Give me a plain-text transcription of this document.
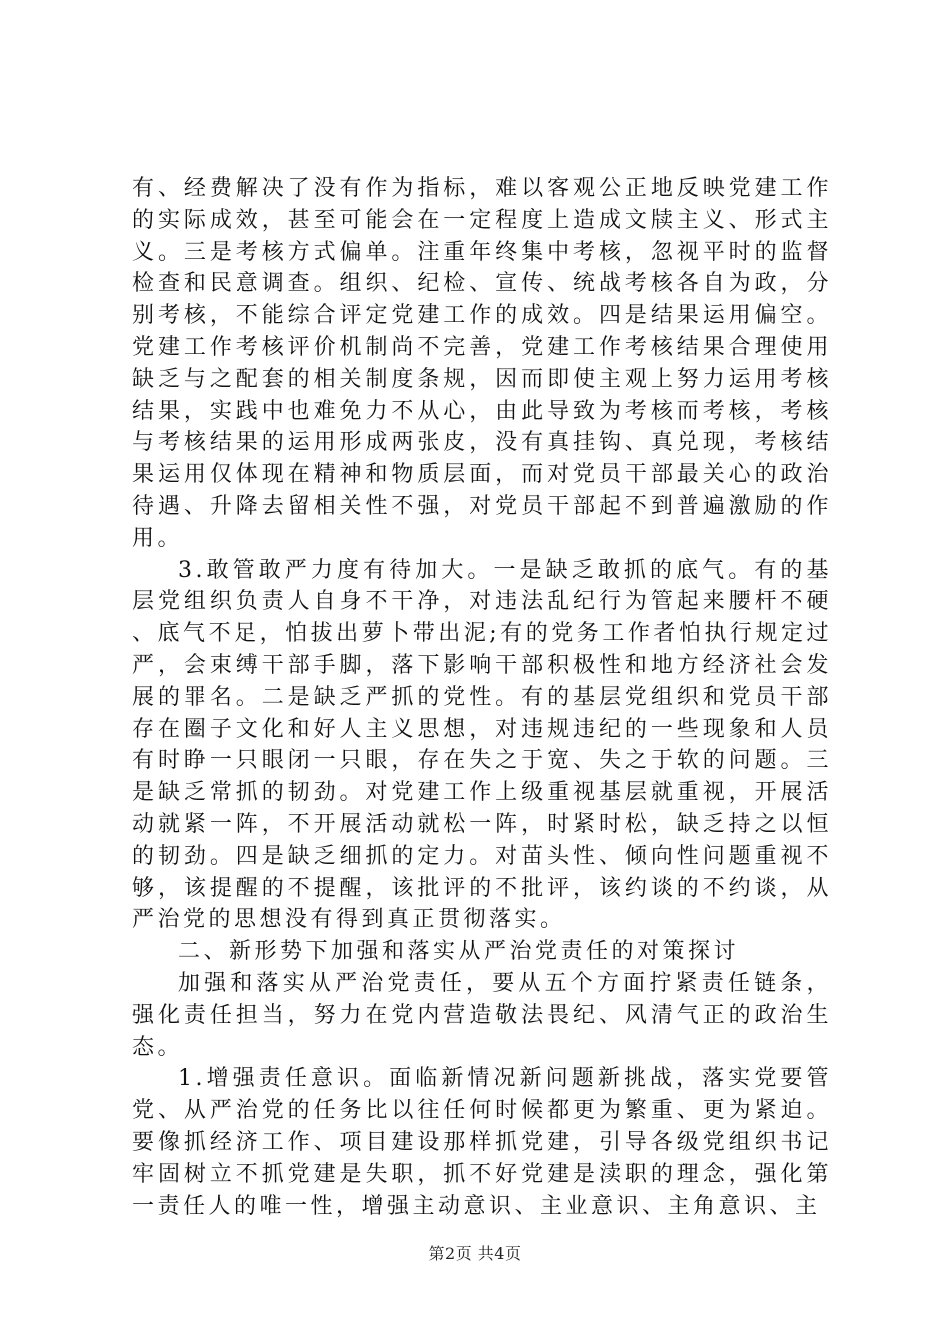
有、经费解决了没有作为指标，难以客观公正地反映党建工作的实际成效，甚至可能会在一定程度上造成文牍主义、形式主义。三是考核方式偏单。注重年终集中考核，忽视平时的监督检查和民意调查。组织、纪检、宣传、统战考核各自为政，分别考核，不能综合评定党建工作的成效。四是结果运用偏空。党建工作考核评价机制尚不完善，党建工作考核结果合理使用缺乏与之配套的相关制度条规，因而即使主观上努力运用考核结果，实践中也难免力不从心，由此导致为考核而考核，考核与考核结果的运用形成两张皮，没有真挂钩、真兑现，考核结果运用仅体现在精神和物质层面，而对党员干部最关心的政治待遇、升降去留相关性不强，对党员干部起不到普遍激励的作用。

3.敢管敢严力度有待加大。一是缺乏敢抓的底气。有的基层党组织负责人自身不干净，对违法乱纪行为管起来腰杆不硬、底气不足，怕拔出萝卜带出泥;有的党务工作者怕执行规定过严，会束缚干部手脚，落下影响干部积极性和地方经济社会发展的罪名。二是缺乏严抓的党性。有的基层党组织和党员干部存在圈子文化和好人主义思想，对违规违纪的一些现象和人员有时睁一只眼闭一只眼，存在失之于宽、失之于软的问题。三是缺乏常抓的韧劲。对党建工作上级重视基层就重视，开展活动就紧一阵，不开展活动就松一阵，时紧时松，缺乏持之以恒的韧劲。四是缺乏细抓的定力。对苗头性、倾向性问题重视不够，该提醒的不提醒，该批评的不批评，该约谈的不约谈，从严治党的思想没有得到真正贯彻落实。

二、新形势下加强和落实从严治党责任的对策探讨

加强和落实从严治党责任，要从五个方面拧紧责任链条，强化责任担当，努力在党内营造敬法畏纪、风清气正的政治生态。

1.增强责任意识。面临新情况新问题新挑战，落实党要管党、从严治党的任务比以往任何时候都更为繁重、更为紧迫。要像抓经济工作、项目建设那样抓党建，引导各级党组织书记牢固树立不抓党建是失职，抓不好党建是渎职的理念，强化第一责任人的唯一性，增强主动意识、主业意识、主角意识、主

第2页 共4页
